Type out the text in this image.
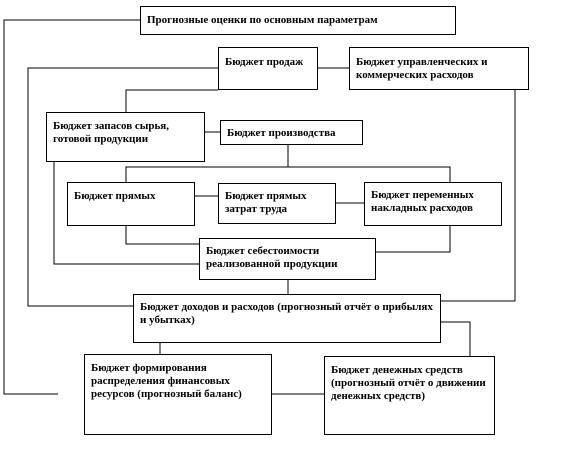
Прогнозные оценки по основным параметрам
Бюджет продаж	Бюджет управленческих и коммерческих расходов
Бюджет запасов сырья, готовой продукции	Бюджет производства
Бюджет прямых	Бюджет прямых затрат труда
Бюджет переменных накладных расходов
Бюджет себестоимости реализованной продукции
Бюджет доходов и расходов (прогнозный отчёт о прибылях и убытках)
Бюджет формирования распределения финансовых ресурсов (прогнозный баланс)
Бюджет денежных средств (прогнозный отчёт о движении денежных средств)
